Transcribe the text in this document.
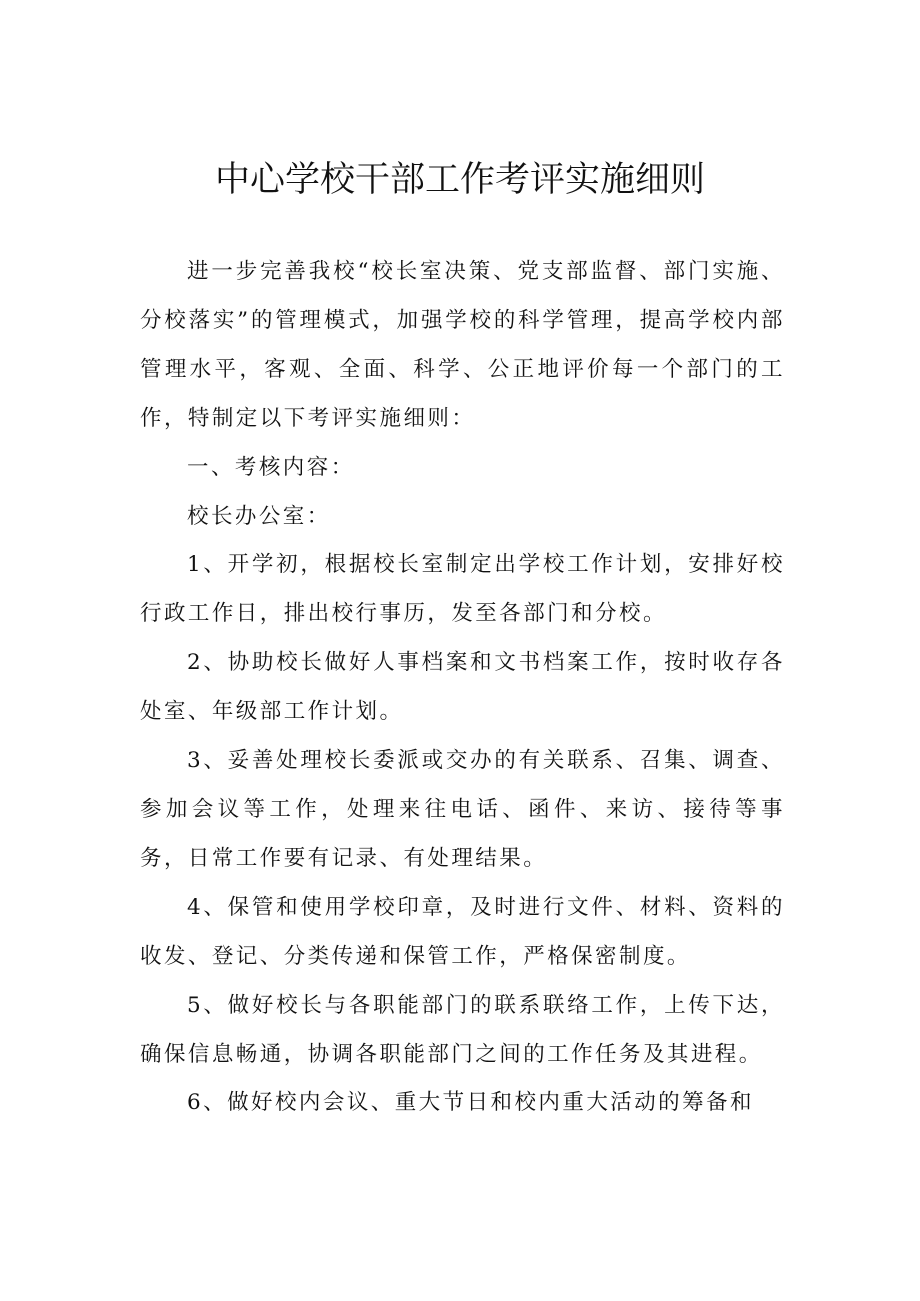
中心学校干部工作考评实施细则

进一步完善我校“校长室决策、党支部监督、部门实施、分校落实”的管理模式，加强学校的科学管理，提高学校内部管理水平，客观、全面、科学、公正地评价每一个部门的工作，特制定以下考评实施细则：

一、考核内容：

校长办公室：

1、开学初，根据校长室制定出学校工作计划，安排好校行政工作日，排出校行事历，发至各部门和分校。

2、协助校长做好人事档案和文书档案工作，按时收存各处室、年级部工作计划。

3、妥善处理校长委派或交办的有关联系、召集、调查、参加会议等工作，处理来往电话、函件、来访、接待等事务，日常工作要有记录、有处理结果。

4、保管和使用学校印章，及时进行文件、材料、资料的收发、登记、分类传递和保管工作，严格保密制度。

5、做好校长与各职能部门的联系联络工作，上传下达，确保信息畅通，协调各职能部门之间的工作任务及其进程。

6、做好校内会议、重大节日和校内重大活动的筹备和
